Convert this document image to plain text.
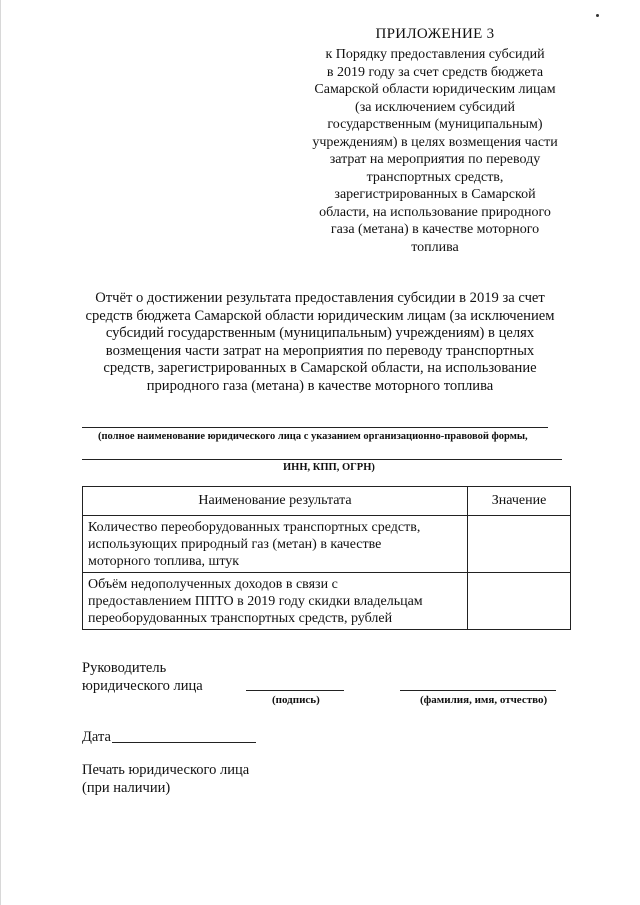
ПРИЛОЖЕНИЕ 3
к Порядку предоставления субсидий
в 2019 году за счет средств бюджета
Самарской области юридическим лицам
(за исключением субсидий
государственным (муниципальным)
учреждениям) в целях возмещения части
затрат на мероприятия по переводу
транспортных средств,
зарегистрированных в Самарской
области, на использование природного
газа (метана) в качестве моторного
топлива
Отчёт о достижении результата предоставления субсидии в 2019 за счет
средств бюджета Самарской области юридическим лицам (за исключением
субсидий государственным (муниципальным) учреждениям) в целях
возмещения части затрат на мероприятия по переводу транспортных
средств, зарегистрированных в Самарской области, на использование
природного газа (метана) в качестве моторного топлива
(полное наименование юридического лица с указанием организационно-правовой формы,
ИНН, КПП, ОГРН)
Наименование результата	Значение

Количество переоборудованных транспортных средств,
использующих природный газ (метан) в качестве
моторного топлива, штук	

Объём недополученных доходов в связи с
предоставлением ППТО в 2019 году скидки владельцам
переоборудованных транспортных средств, рублей	

Руководитель
юридического лица
(подпись)	(фамилия, имя, отчество)
Дата
Печать юридического лица
(при наличии)
